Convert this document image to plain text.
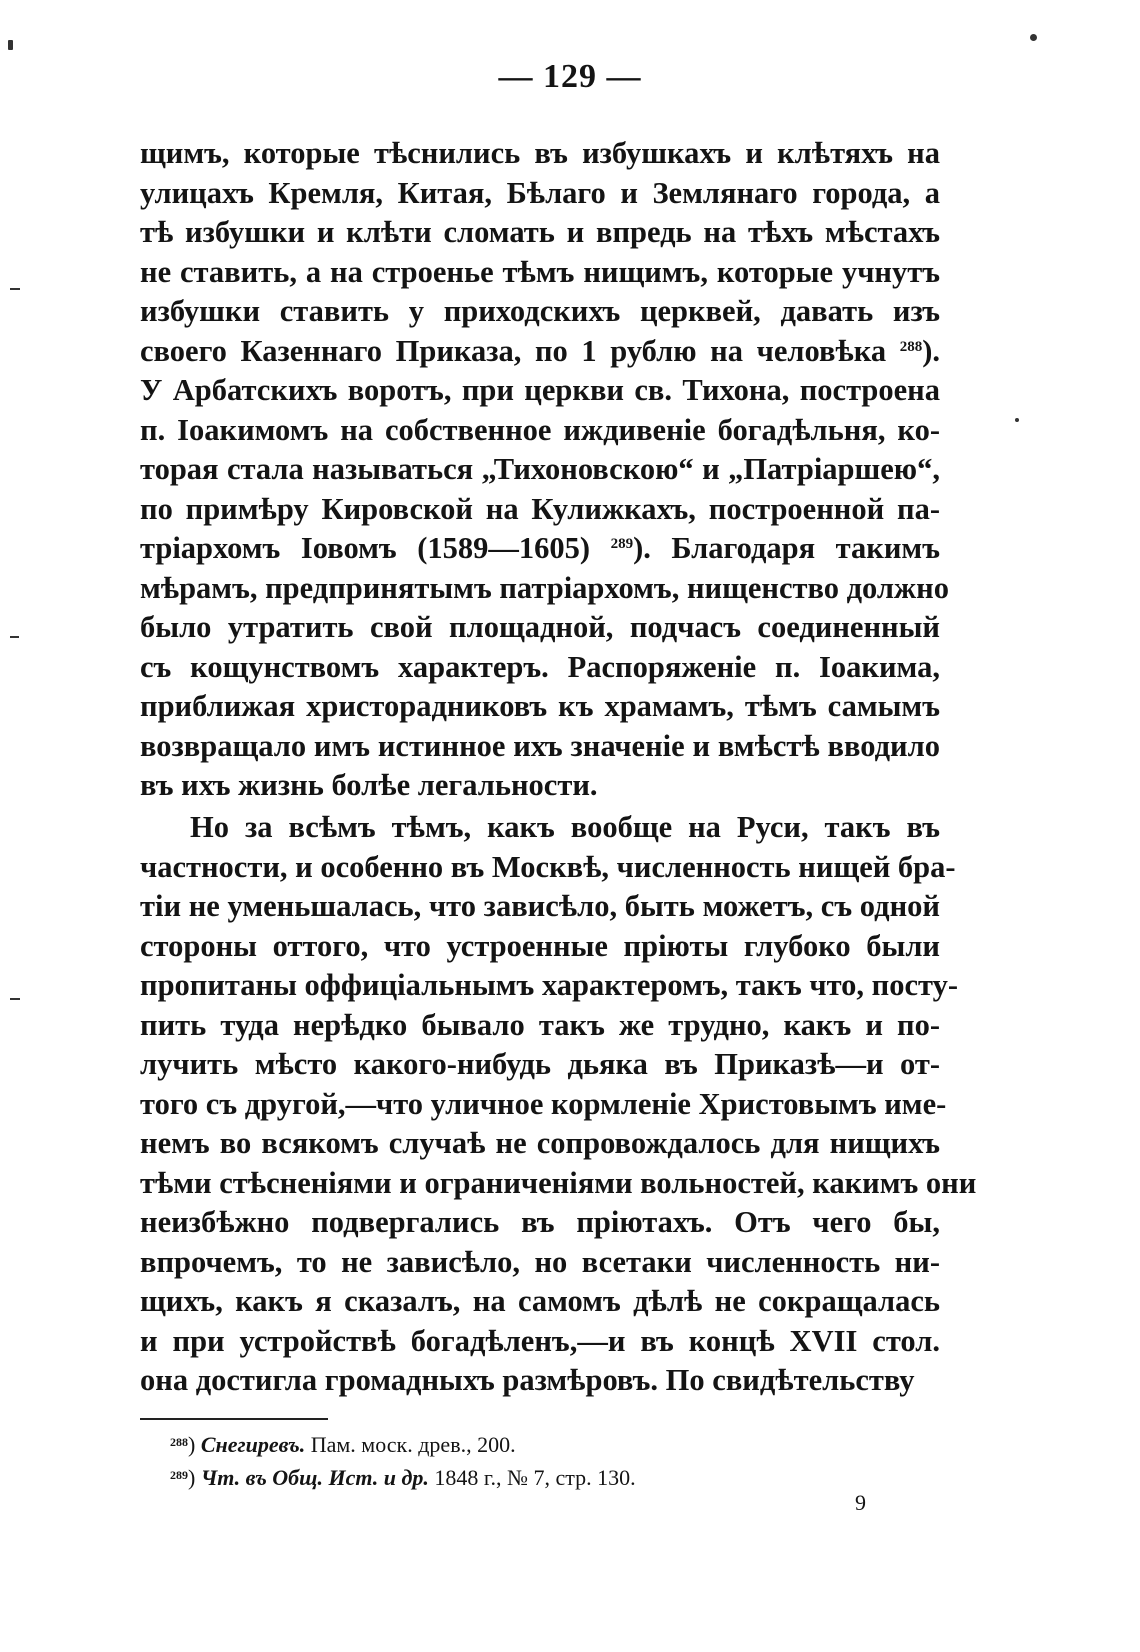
— 129 —
щимъ, которые тѣснились въ избушкахъ и клѣтяхъ на
улицахъ Кремля, Китая, Бѣлаго и Землянаго города, а
тѣ избушки и клѣти сломать и впредь на тѣхъ мѣстахъ
не ставить, а на строенье тѣмъ нищимъ, которые учнутъ
избушки ставить у приходскихъ церквей, давать изъ
своего Казеннаго Приказа, по 1 рублю на человѣка $^{288}$).
У Арбатскихъ воротъ, при церкви св. Тихона, построена
п. Іоакимомъ на собственное иждивеніе богадѣльня, ко-
торая стала называться „Тихоновскою“ и „Патріаршею“,
по примѣру Кировской на Кулижкахъ, построенной па-
тріархомъ Іовомъ (1589—1605) $^{289}$). Благодаря такимъ
мѣрамъ, предпринятымъ патріархомъ, нищенство должно
было утратить свой площадной, подчасъ соединенный
съ кощунствомъ характеръ. Распоряженіе п. Іоакима,
приближая христорадниковъ къ храмамъ, тѣмъ самымъ
возвращало имъ истинное ихъ значеніе и вмѣстѣ вводило
въ ихъ жизнь болѣе легальности.
Но за всѣмъ тѣмъ, какъ вообще на Руси, такъ въ
частности, и особенно въ Москвѣ, численность нищей бра-
тіи не уменьшалась, что зависѣло, быть можетъ, съ одной
стороны оттого, что устроенные пріюты глубоко были
пропитаны оффиціальнымъ характеромъ, такъ что, посту-
пить туда нерѣдко бывало такъ же трудно, какъ и по-
лучить мѣсто какого-нибудь дьяка въ Приказѣ—и от-
того съ другой,—что уличное кормленіе Христовымъ име-
немъ во всякомъ случаѣ не сопровождалось для нищихъ
тѣми стѣсненіями и ограниченіями вольностей, какимъ они
неизбѣжно подвергались въ пріютахъ. Отъ чего бы,
впрочемъ, то не зависѣло, но всетаки численность ни-
щихъ, какъ я сказалъ, на самомъ дѣлѣ не сокращалась
и при устройствѣ богадѣленъ,—и въ концѣ XVII стол.
она достигла громадныхъ размѣровъ. По свидѣтельству
$^{288}$) Снегиревъ. Пам. моск. древ., 200.
$^{289}$) Чт. въ Общ. Ист. и др. 1848 г., № 7, стр. 130.
9
